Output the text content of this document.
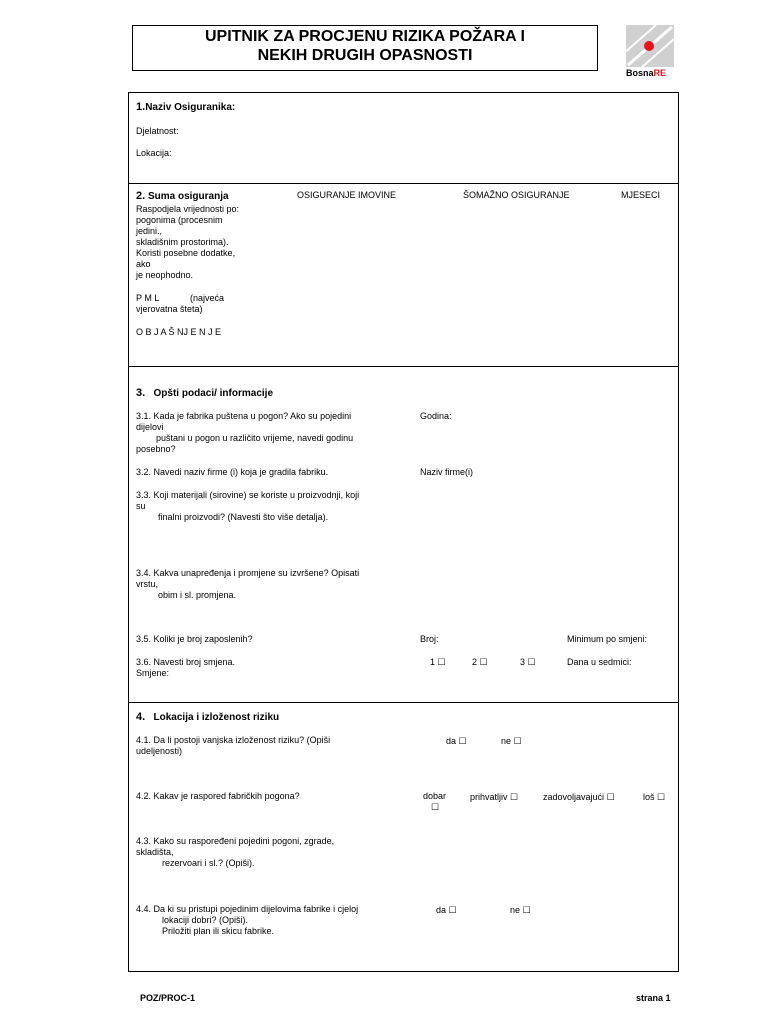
UPITNIK ZA PROCJENU RIZIKA POŽARA I
NEKIH DRUGIH OPASNOSTI
BosnaRE
1.Naziv Osiguranika:
Djelatnost:
Lokacija:
2. Suma osiguranja	OSIGURANJE IMOVINE	ŠOMAŽNO OSIGURANJE	MJESECI
Raspodjela vrijednosti po:
pogonima (procesnim
jedini.,
skladišnim prostorima).
Koristi posebne dodatke,
ako
je neophodno.
P M L	(najveća
vjerovatna šteta)
O B J A Š NJ E N J E
3. Opšti podaci/ informacije
3.1. Kada je fabrika puštena u pogon? Ako su pojedini
dijelovi
puštani u pogon u različito vrijeme, navedi godinu
posebno?
Godina:
3.2. Navedi naziv firme (i) koja je gradila fabriku.	Naziv firme(i)
3.3. Koji materijali (sirovine) se koriste u proizvodnji, koji
su
finalni proizvodi? (Navesti što više detalja).
3.4. Kakva unapređenja i promjene su izvršene? Opisati
vrstu,
obim i sl. promjena.
3.5. Koliki je broj zaposlenih?	Broj:	Minimum po smjeni:
3.6. Navesti broj smjena.
Smjene:
1 ☐	2 ☐	3 ☐	Dana u sedmici:
4. Lokacija i izloženost riziku
4.1. Da li postoji vanjska izloženost riziku? (Opiši
udeljenosti)
da ☐	ne ☐
4.2. Kakav je raspored fabričkih pogona?	dobar
☐
prihvatljiv ☐	zadovoljavajući ☐	loš ☐
4.3. Kako su raspoređeni pojedini pogoni, zgrade,
skladišta,
rezervoari i sl.? (Opiši).
4.4. Da ki su pristupi pojedinim dijelovima fabrike i cjeloj
lokaciji dobri? (Opiši).
Priložiti plan ili skicu fabrike.
da ☐	ne ☐
POZ/PROC-1	strana 1
